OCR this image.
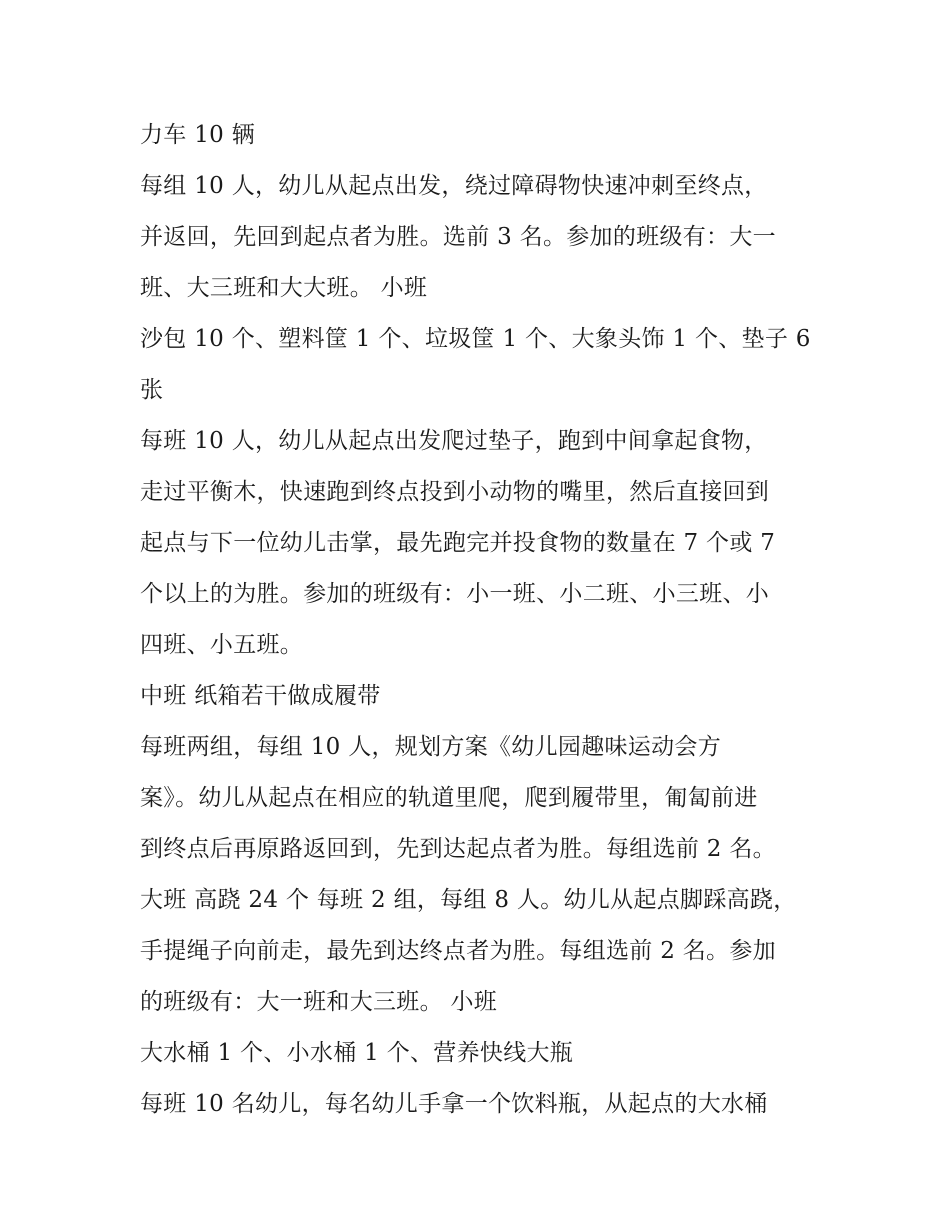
力车 10 辆
每组 10 人，幼儿从起点出发，绕过障碍物快速冲刺至终点，
并返回，先回到起点者为胜。选前 3 名。参加的班级有：大一
班、大三班和大大班。 小班
沙包 10 个、塑料筐 1 个、垃圾筐 1 个、大象头饰 1 个、垫子 6
张
每班 10 人，幼儿从起点出发爬过垫子，跑到中间拿起食物，
走过平衡木，快速跑到终点投到小动物的嘴里，然后直接回到
起点与下一位幼儿击掌，最先跑完并投食物的数量在 7 个或 7
个以上的为胜。参加的班级有：小一班、小二班、小三班、小
四班、小五班。
中班 纸箱若干做成履带
每班两组，每组 10 人，规划方案《幼儿园趣味运动会方
案》。幼儿从起点在相应的轨道里爬，爬到履带里，匍匐前进
到终点后再原路返回到，先到达起点者为胜。每组选前 2 名。
大班 高跷 24 个 每班 2 组，每组 8 人。幼儿从起点脚踩高跷，
手提绳子向前走，最先到达终点者为胜。每组选前 2 名。参加
的班级有：大一班和大三班。 小班
大水桶 1 个、小水桶 1 个、营养快线大瓶
每班 10 名幼儿，每名幼儿手拿一个饮料瓶，从起点的大水桶
